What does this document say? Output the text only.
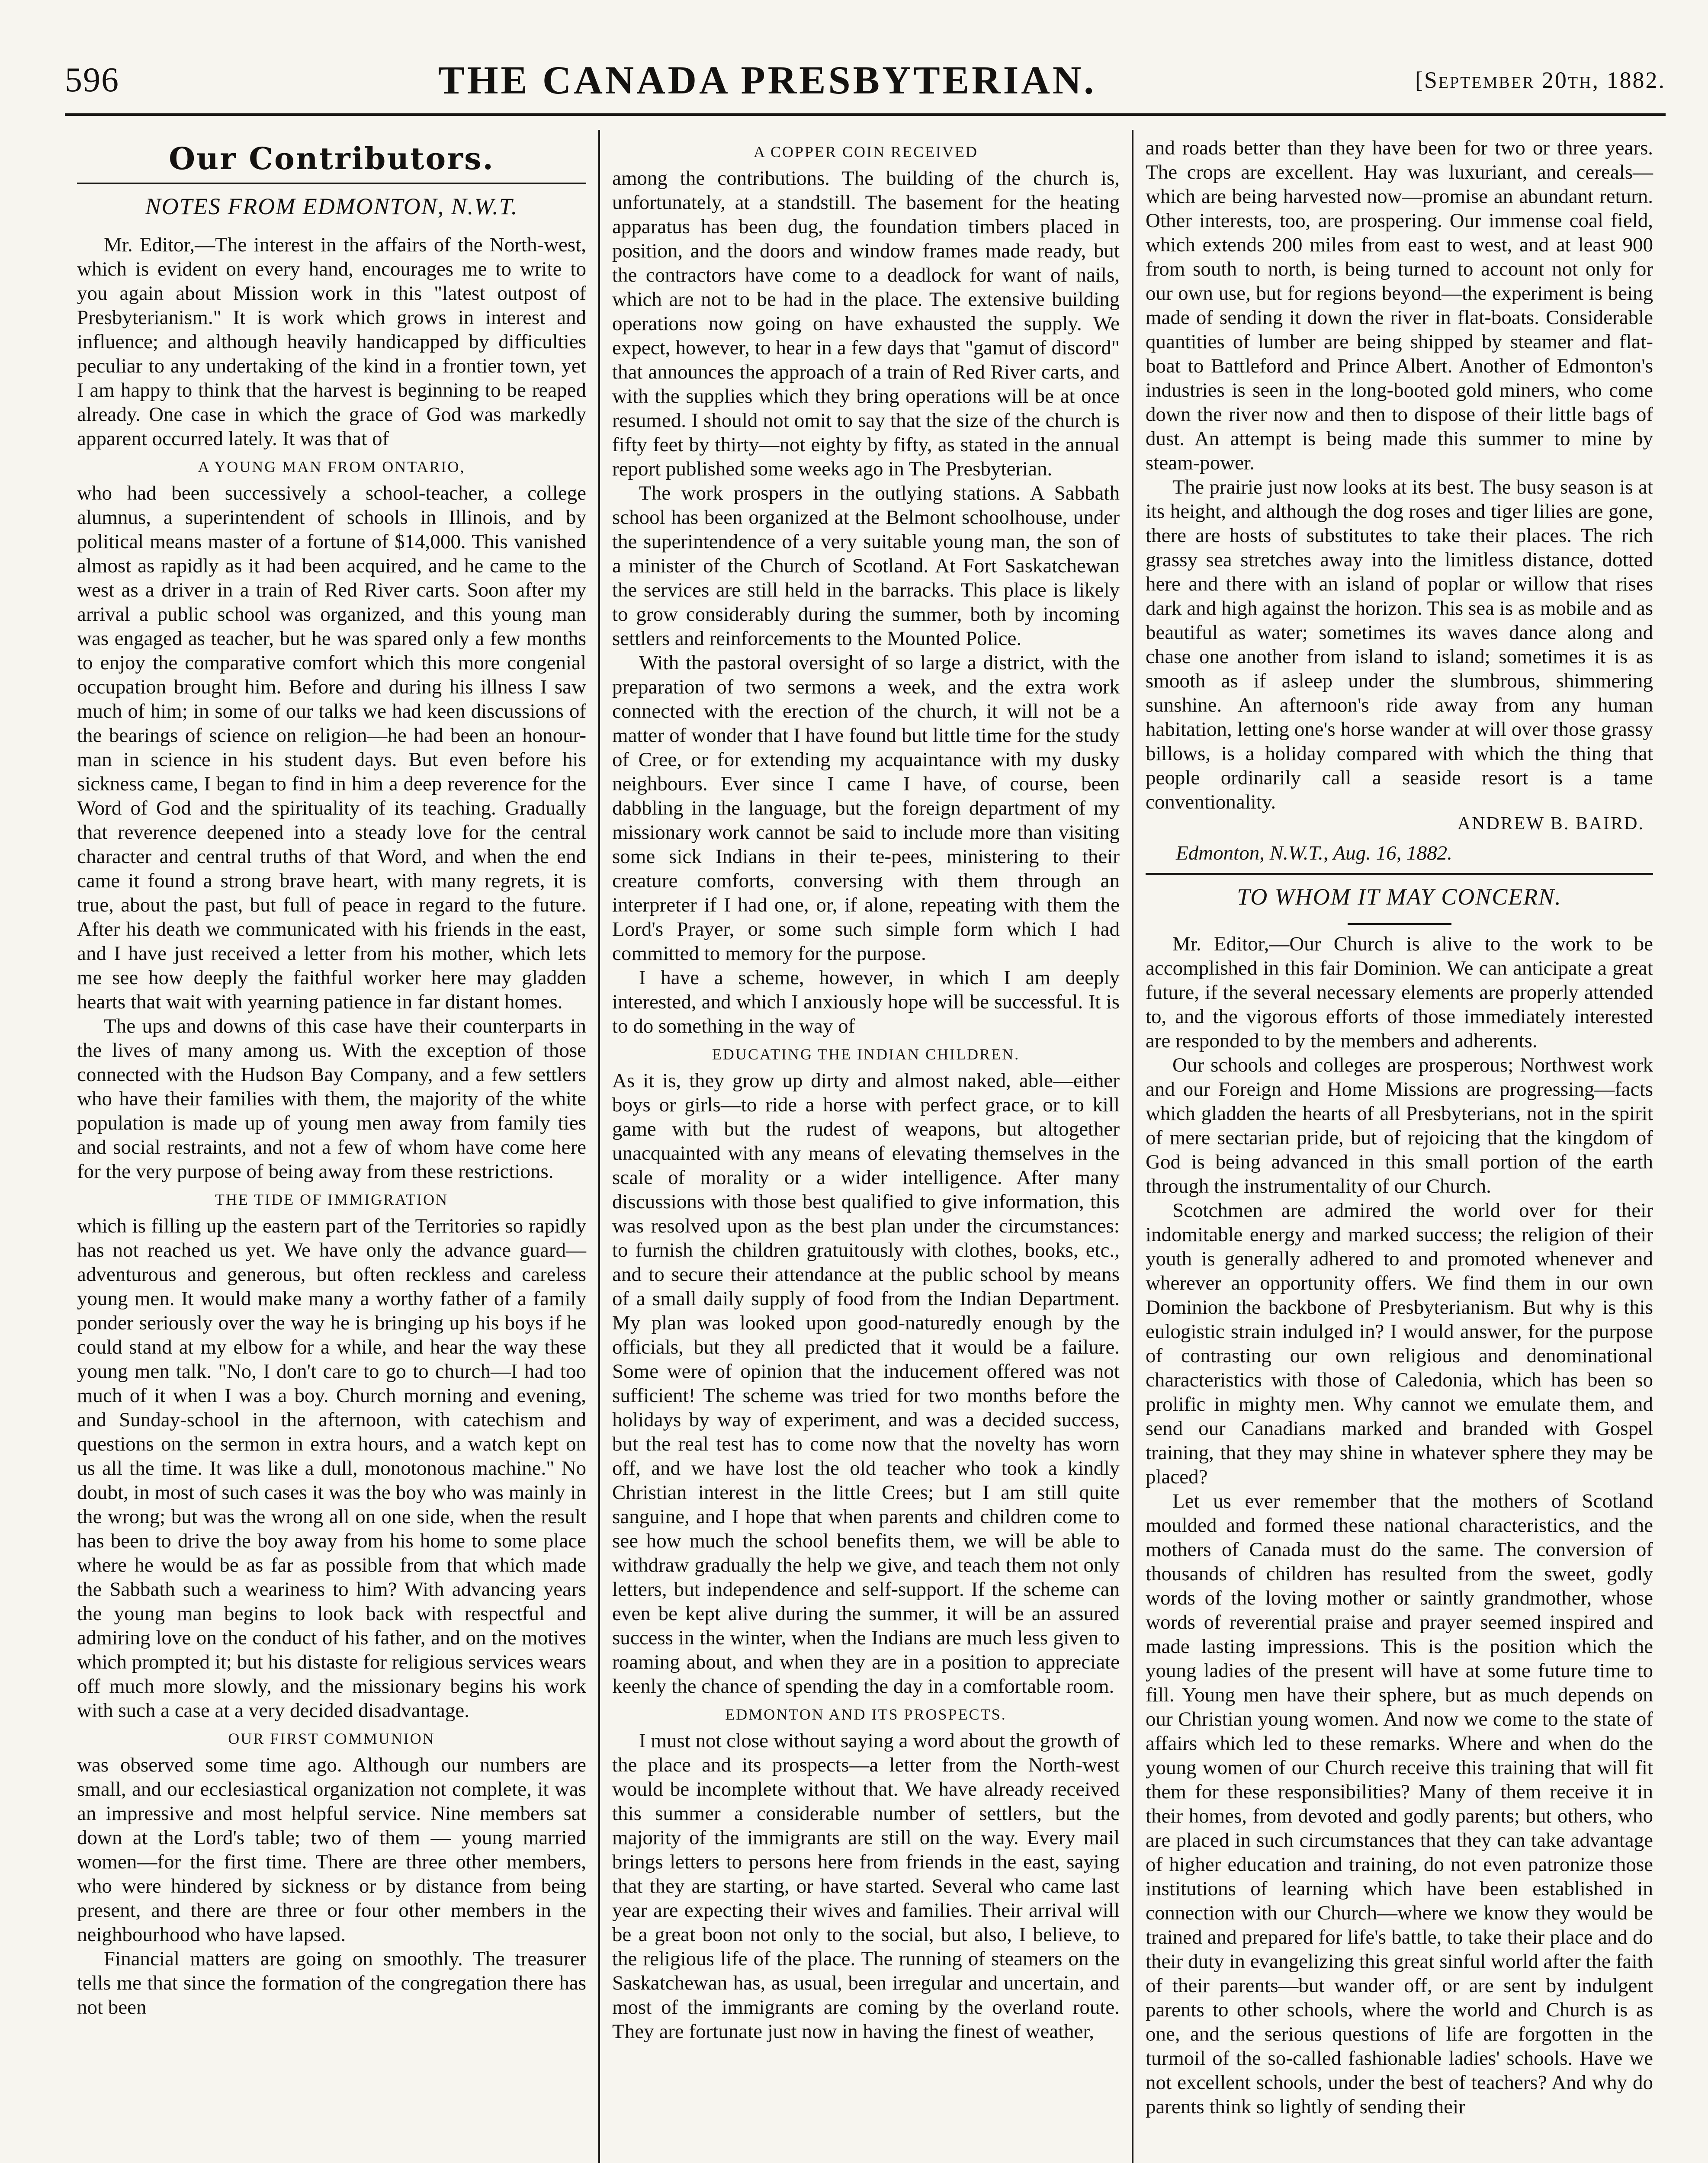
596	THE CANADA PRESBYTERIAN.	[September 20th, 1882.
Our Contributors.
NOTES FROM EDMONTON, N.W.T.

Mr. Editor,—The interest in the affairs of the North-west, which is evident on every hand, encourages me to write to you again about Mission work in this "latest outpost of Presbyterianism." It is work which grows in interest and influence; and although heavily handicapped by difficulties peculiar to any undertaking of the kind in a frontier town, yet I am happy to think that the harvest is beginning to be reaped already. One case in which the grace of God was markedly apparent occurred lately. It was that of

A YOUNG MAN FROM ONTARIO,

who had been successively a school-teacher, a college alumnus, a superintendent of schools in Illinois, and by political means master of a fortune of $14,000. This vanished almost as rapidly as it had been acquired, and he came to the west as a driver in a train of Red River carts. Soon after my arrival a public school was organized, and this young man was engaged as teacher, but he was spared only a few months to enjoy the comparative comfort which this more congenial occupation brought him. Before and during his illness I saw much of him; in some of our talks we had keen discussions of the bearings of science on religion—he had been an honour-man in science in his student days. But even before his sickness came, I began to find in him a deep reverence for the Word of God and the spirituality of its teaching. Gradually that reverence deepened into a steady love for the central character and central truths of that Word, and when the end came it found a strong brave heart, with many regrets, it is true, about the past, but full of peace in regard to the future. After his death we communicated with his friends in the east, and I have just received a letter from his mother, which lets me see how deeply the faithful worker here may gladden hearts that wait with yearning patience in far distant homes.

The ups and downs of this case have their counterparts in the lives of many among us. With the exception of those connected with the Hudson Bay Company, and a few settlers who have their families with them, the majority of the white population is made up of young men away from family ties and social restraints, and not a few of whom have come here for the very purpose of being away from these restrictions.

THE TIDE OF IMMIGRATION

which is filling up the eastern part of the Territories so rapidly has not reached us yet. We have only the advance guard—adventurous and generous, but often reckless and careless young men. It would make many a worthy father of a family ponder seriously over the way he is bringing up his boys if he could stand at my elbow for a while, and hear the way these young men talk. "No, I don't care to go to church—I had too much of it when I was a boy. Church morning and evening, and Sunday-school in the afternoon, with catechism and questions on the sermon in extra hours, and a watch kept on us all the time. It was like a dull, monotonous machine." No doubt, in most of such cases it was the boy who was mainly in the wrong; but was the wrong all on one side, when the result has been to drive the boy away from his home to some place where he would be as far as possible from that which made the Sabbath such a weariness to him? With advancing years the young man begins to look back with respectful and admiring love on the conduct of his father, and on the motives which prompted it; but his distaste for religious services wears off much more slowly, and the missionary begins his work with such a case at a very decided disadvantage.

OUR FIRST COMMUNION

was observed some time ago. Although our numbers are small, and our ecclesiastical organization not complete, it was an impressive and most helpful service. Nine members sat down at the Lord's table; two of them — young married women—for the first time. There are three other members, who were hindered by sickness or by distance from being present, and there are three or four other members in the neighbourhood who have lapsed.

Financial matters are going on smoothly. The treasurer tells me that since the formation of the congregation there has not been

A COPPER COIN RECEIVED

among the contributions. The building of the church is, unfortunately, at a standstill. The basement for the heating apparatus has been dug, the foundation timbers placed in position, and the doors and window frames made ready, but the contractors have come to a deadlock for want of nails, which are not to be had in the place. The extensive building operations now going on have exhausted the supply. We expect, however, to hear in a few days that "gamut of discord" that announces the approach of a train of Red River carts, and with the supplies which they bring operations will be at once resumed. I should not omit to say that the size of the church is fifty feet by thirty—not eighty by fifty, as stated in the annual report published some weeks ago in The Presbyterian.

The work prospers in the outlying stations. A Sabbath school has been organized at the Belmont schoolhouse, under the superintendence of a very suitable young man, the son of a minister of the Church of Scotland. At Fort Saskatchewan the services are still held in the barracks. This place is likely to grow considerably during the summer, both by incoming settlers and reinforcements to the Mounted Police.

With the pastoral oversight of so large a district, with the preparation of two sermons a week, and the extra work connected with the erection of the church, it will not be a matter of wonder that I have found but little time for the study of Cree, or for extending my acquaintance with my dusky neighbours. Ever since I came I have, of course, been dabbling in the language, but the foreign department of my missionary work cannot be said to include more than visiting some sick Indians in their te-pees, ministering to their creature comforts, conversing with them through an interpreter if I had one, or, if alone, repeating with them the Lord's Prayer, or some such simple form which I had committed to memory for the purpose.

I have a scheme, however, in which I am deeply interested, and which I anxiously hope will be successful. It is to do something in the way of

EDUCATING THE INDIAN CHILDREN.

As it is, they grow up dirty and almost naked, able—either boys or girls—to ride a horse with perfect grace, or to kill game with but the rudest of weapons, but altogether unacquainted with any means of elevating themselves in the scale of morality or a wider intelligence. After many discussions with those best qualified to give information, this was resolved upon as the best plan under the circumstances: to furnish the children gratuitously with clothes, books, etc., and to secure their attendance at the public school by means of a small daily supply of food from the Indian Department. My plan was looked upon good-naturedly enough by the officials, but they all predicted that it would be a failure. Some were of opinion that the inducement offered was not sufficient! The scheme was tried for two months before the holidays by way of experiment, and was a decided success, but the real test has to come now that the novelty has worn off, and we have lost the old teacher who took a kindly Christian interest in the little Crees; but I am still quite sanguine, and I hope that when parents and children come to see how much the school benefits them, we will be able to withdraw gradually the help we give, and teach them not only letters, but independence and self-support. If the scheme can even be kept alive during the summer, it will be an assured success in the winter, when the Indians are much less given to roaming about, and when they are in a position to appreciate keenly the chance of spending the day in a comfortable room.

EDMONTON AND ITS PROSPECTS.

I must not close without saying a word about the growth of the place and its prospects—a letter from the North-west would be incomplete without that. We have already received this summer a considerable number of settlers, but the majority of the immigrants are still on the way. Every mail brings letters to persons here from friends in the east, saying that they are starting, or have started. Several who came last year are expecting their wives and families. Their arrival will be a great boon not only to the social, but also, I believe, to the religious life of the place. The running of steamers on the Saskatchewan has, as usual, been irregular and uncertain, and most of the immigrants are coming by the overland route. They are fortunate just now in having the finest of weather,

and roads better than they have been for two or three years. The crops are excellent. Hay was luxuriant, and cereals—which are being harvested now—promise an abundant return. Other interests, too, are prospering. Our immense coal field, which extends 200 miles from east to west, and at least 900 from south to north, is being turned to account not only for our own use, but for regions beyond—the experiment is being made of sending it down the river in flat-boats. Considerable quantities of lumber are being shipped by steamer and flat-boat to Battleford and Prince Albert. Another of Edmonton's industries is seen in the long-booted gold miners, who come down the river now and then to dispose of their little bags of dust. An attempt is being made this summer to mine by steam-power.

The prairie just now looks at its best. The busy season is at its height, and although the dog roses and tiger lilies are gone, there are hosts of substitutes to take their places. The rich grassy sea stretches away into the limitless distance, dotted here and there with an island of poplar or willow that rises dark and high against the horizon. This sea is as mobile and as beautiful as water; sometimes its waves dance along and chase one another from island to island; sometimes it is as smooth as if asleep under the slumbrous, shimmering sunshine. An afternoon's ride away from any human habitation, letting one's horse wander at will over those grassy billows, is a holiday compared with which the thing that people ordinarily call a seaside resort is a tame conventionality.

ANDREW B. BAIRD.
Edmonton, N.W.T., Aug. 16, 1882.
TO WHOM IT MAY CONCERN.

Mr. Editor,—Our Church is alive to the work to be accomplished in this fair Dominion. We can anticipate a great future, if the several necessary elements are properly attended to, and the vigorous efforts of those immediately interested are responded to by the members and adherents.

Our schools and colleges are prosperous; Northwest work and our Foreign and Home Missions are progressing—facts which gladden the hearts of all Presbyterians, not in the spirit of mere sectarian pride, but of rejoicing that the kingdom of God is being advanced in this small portion of the earth through the instrumentality of our Church.

Scotchmen are admired the world over for their indomitable energy and marked success; the religion of their youth is generally adhered to and promoted whenever and wherever an opportunity offers. We find them in our own Dominion the backbone of Presbyterianism. But why is this eulogistic strain indulged in? I would answer, for the purpose of contrasting our own religious and denominational characteristics with those of Caledonia, which has been so prolific in mighty men. Why cannot we emulate them, and send our Canadians marked and branded with Gospel training, that they may shine in whatever sphere they may be placed?

Let us ever remember that the mothers of Scotland moulded and formed these national characteristics, and the mothers of Canada must do the same. The conversion of thousands of children has resulted from the sweet, godly words of the loving mother or saintly grandmother, whose words of reverential praise and prayer seemed inspired and made lasting impressions. This is the position which the young ladies of the present will have at some future time to fill. Young men have their sphere, but as much depends on our Christian young women. And now we come to the state of affairs which led to these remarks. Where and when do the young women of our Church receive this training that will fit them for these responsibilities? Many of them receive it in their homes, from devoted and godly parents; but others, who are placed in such circumstances that they can take advantage of higher education and training, do not even patronize those institutions of learning which have been established in connection with our Church—where we know they would be trained and prepared for life's battle, to take their place and do their duty in evangelizing this great sinful world after the faith of their parents—but wander off, or are sent by indulgent parents to other schools, where the world and Church is as one, and the serious questions of life are forgotten in the turmoil of the so-called fashionable ladies' schools. Have we not excellent schools, under the best of teachers? And why do parents think so lightly of sending their
